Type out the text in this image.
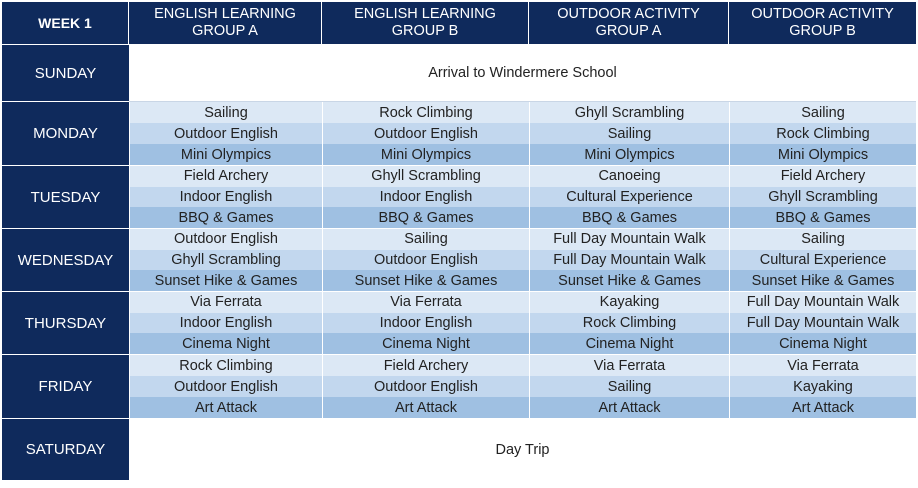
WEEK 1
ENGLISH LEARNING
GROUP A
ENGLISH LEARNING
GROUP B
OUTDOOR ACTIVITY
GROUP A
OUTDOOR ACTIVITY
GROUP B
SUNDAY	Arrival to Windermere School
MONDAY
Sailing
Outdoor English
Mini Olympics
Rock Climbing
Outdoor English
Mini Olympics
Ghyll Scrambling
Sailing
Mini Olympics
Sailing
Rock Climbing
Mini Olympics
TUESDAY
Field Archery
Indoor English
BBQ & Games
Ghyll Scrambling
Indoor English
BBQ & Games
Canoeing
Cultural Experience
BBQ & Games
Field Archery
Ghyll Scrambling
BBQ & Games
WEDNESDAY
Outdoor English
Ghyll Scrambling
Sunset Hike & Games
Sailing
Outdoor English
Sunset Hike & Games
Full Day Mountain Walk
Full Day Mountain Walk
Sunset Hike & Games
Sailing
Cultural Experience
Sunset Hike & Games
THURSDAY
Via Ferrata
Indoor English
Cinema Night
Via Ferrata
Indoor English
Cinema Night
Kayaking
Rock Climbing
Cinema Night
Full Day Mountain Walk
Full Day Mountain Walk
Cinema Night
FRIDAY
Rock Climbing
Outdoor English
Art Attack
Field Archery
Outdoor English
Art Attack
Via Ferrata
Sailing
Art Attack
Via Ferrata
Kayaking
Art Attack
SATURDAY	Day Trip
